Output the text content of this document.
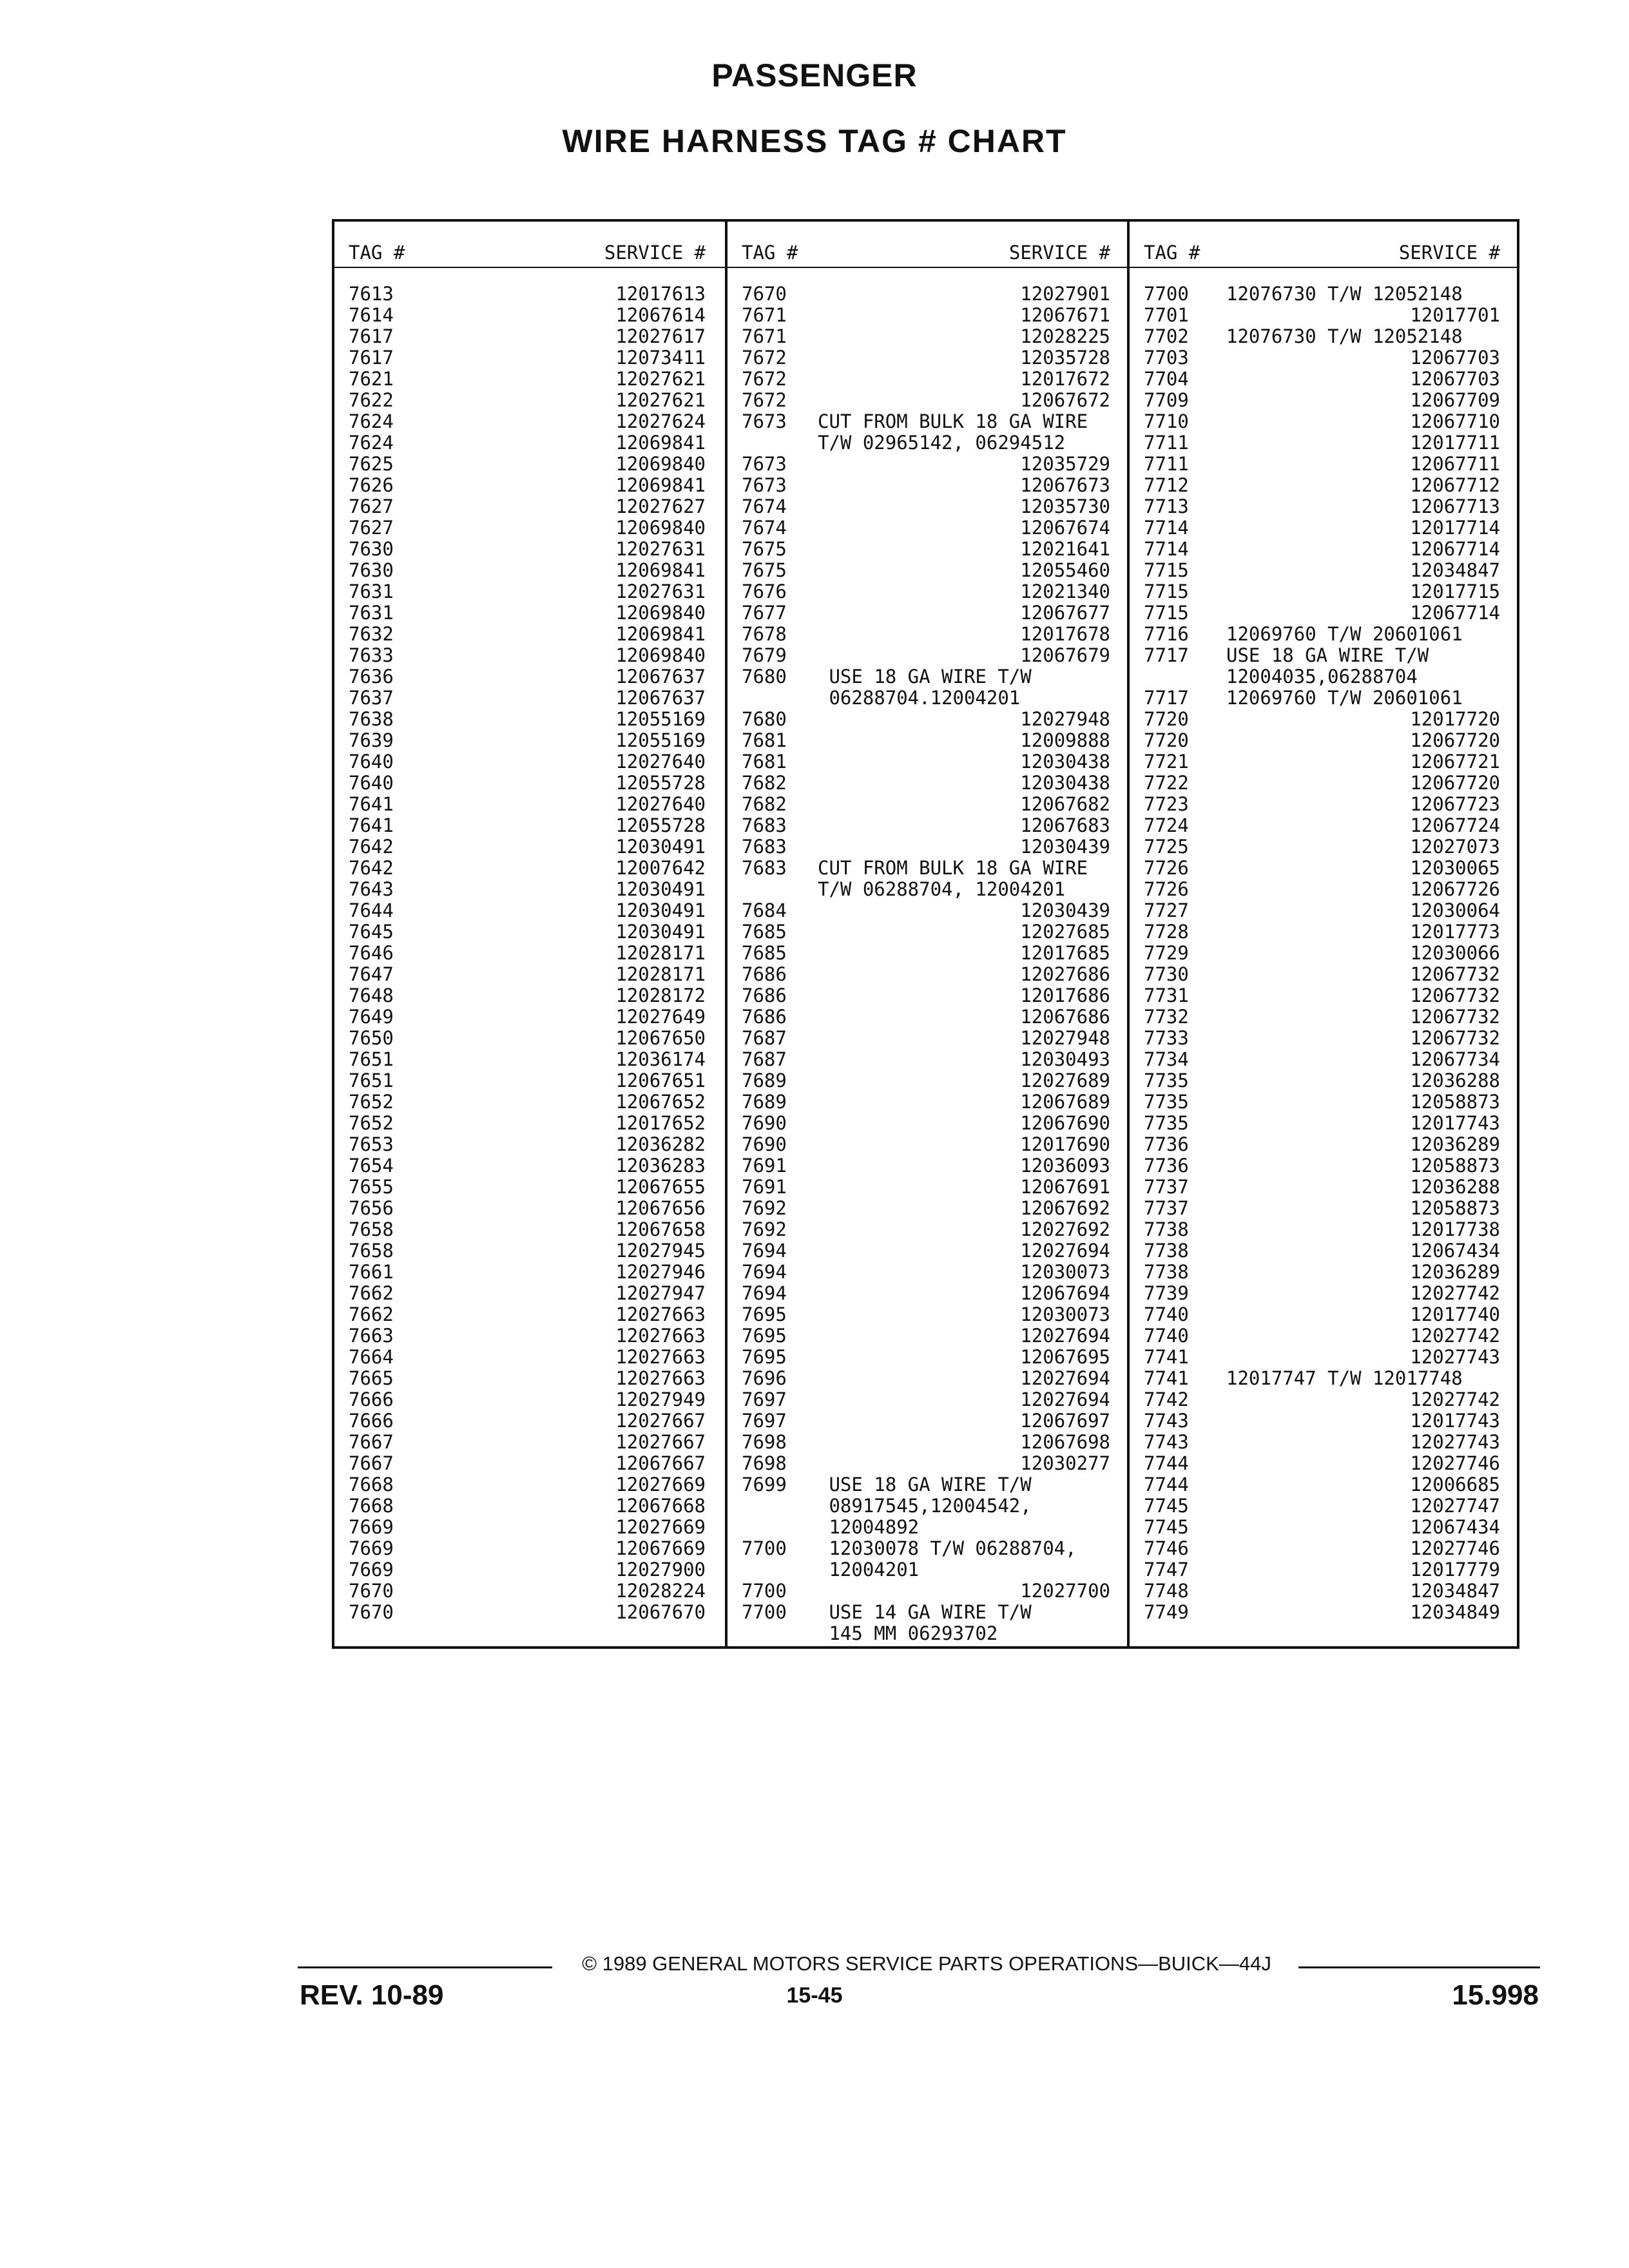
PASSENGER
WIRE HARNESS TAG # CHART
TAG #	SERVICE #
7613	12017613
7614	12067614
7617	12027617
7617	12073411
7621	12027621
7622	12027621
7624	12027624
7624	12069841
7625	12069840
7626	12069841
7627	12027627
7627	12069840
7630	12027631
7630	12069841
7631	12027631
7631	12069840
7632	12069841
7633	12069840
7636	12067637
7637	12067637
7638	12055169
7639	12055169
7640	12027640
7640	12055728
7641	12027640
7641	12055728
7642	12030491
7642	12007642
7643	12030491
7644	12030491
7645	12030491
7646	12028171
7647	12028171
7648	12028172
7649	12027649
7650	12067650
7651	12036174
7651	12067651
7652	12067652
7652	12017652
7653	12036282
7654	12036283
7655	12067655
7656	12067656
7658	12067658
7658	12027945
7661	12027946
7662	12027947
7662	12027663
7663	12027663
7664	12027663
7665	12027663
7666	12027949
7666	12027667
7667	12027667
7667	12067667
7668	12027669
7668	12067668
7669	12027669
7669	12067669
7669	12027900
7670	12028224
7670	12067670
TAG #	SERVICE #
7670	12027901
7671	12067671
7671	12028225
7672	12035728
7672	12017672
7672	12067672
7673 CUT FROM BULK 18 GA WIRE
T/W 02965142, 06294512
7673	12035729
7673	12067673
7674	12035730
7674	12067674
7675	12021641
7675	12055460
7676	12021340
7677	12067677
7678	12017678
7679	12067679
7680 USE 18 GA WIRE T/W
06288704.12004201
7680	12027948
7681	12009888
7681	12030438
7682	12030438
7682	12067682
7683	12067683
7683	12030439
7683 CUT FROM BULK 18 GA WIRE
T/W 06288704, 12004201
7684	12030439
7685	12027685
7685	12017685
7686	12027686
7686	12017686
7686	12067686
7687	12027948
7687	12030493
7689	12027689
7689	12067689
7690	12067690
7690	12017690
7691	12036093
7691	12067691
7692	12067692
7692	12027692
7694	12027694
7694	12030073
7694	12067694
7695	12030073
7695	12027694
7695	12067695
7696	12027694
7697	12027694
7697	12067697
7698	12067698
7698	12030277
7699 USE 18 GA WIRE T/W
08917545,12004542,
12004892
7700 12030078 T/W 06288704,
12004201
7700	12027700
7700 USE 14 GA WIRE T/W
145 MM 06293702
TAG #	SERVICE #
7700 12076730 T/W 12052148
7701	12017701
7702 12076730 T/W 12052148
7703	12067703
7704	12067703
7709	12067709
7710	12067710
7711	12017711
7711	12067711
7712	12067712
7713	12067713
7714	12017714
7714	12067714
7715	12034847
7715	12017715
7715	12067714
7716 12069760 T/W 20601061
7717 USE 18 GA WIRE T/W
12004035,06288704
7717 12069760 T/W 20601061
7720	12017720
7720	12067720
7721	12067721
7722	12067720
7723	12067723
7724	12067724
7725	12027073
7726	12030065
7726	12067726
7727	12030064
7728	12017773
7729	12030066
7730	12067732
7731	12067732
7732	12067732
7733	12067732
7734	12067734
7735	12036288
7735	12058873
7735	12017743
7736	12036289
7736	12058873
7737	12036288
7737	12058873
7738	12017738
7738	12067434
7738	12036289
7739	12027742
7740	12017740
7740	12027742
7741	12027743
7741 12017747 T/W 12017748
7742	12027742
7743	12017743
7743	12027743
7744	12027746
7744	12006685
7745	12027747
7745	12067434
7746	12027746
7747	12017779
7748	12034847
7749	12034849
© 1989 GENERAL MOTORS SERVICE PARTS OPERATIONS—BUICK—44J
REV. 10-89	15-45	15.998
